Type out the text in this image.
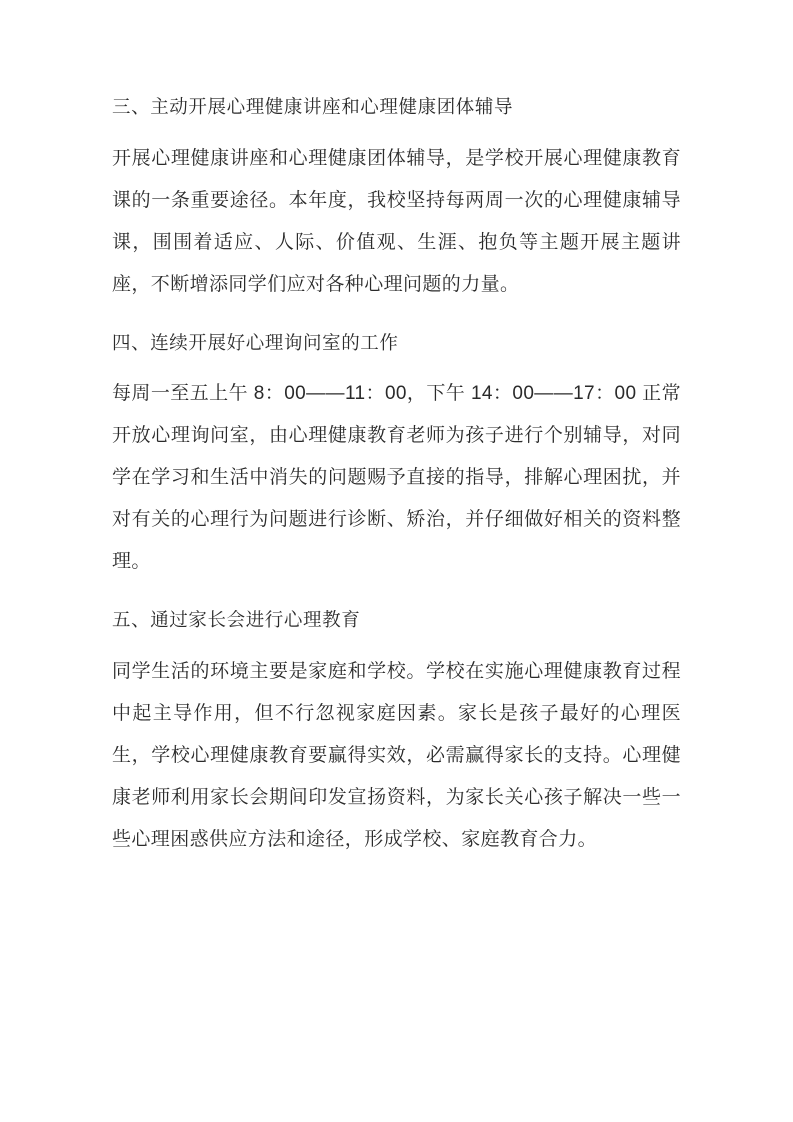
三、主动开展心理健康讲座和心理健康团体辅导

开展心理健康讲座和心理健康团体辅导，是学校开展心理健康教育课的一条重要途径。本年度，我校坚持每两周一次的心理健康辅导课，围围着适应、人际、价值观、生涯、抱负等主题开展主题讲座，不断增添同学们应对各种心理问题的力量。

四、连续开展好心理询问室的工作

每周一至五上午 8：00——11：00，下午 14：00——17：00 正常开放心理询问室，由心理健康教育老师为孩子进行个别辅导，对同学在学习和生活中消失的问题赐予直接的指导，排解心理困扰，并对有关的心理行为问题进行诊断、矫治，并仔细做好相关的资料整理。

五、通过家长会进行心理教育

同学生活的环境主要是家庭和学校。学校在实施心理健康教育过程中起主导作用，但不行忽视家庭因素。家长是孩子最好的心理医生，学校心理健康教育要赢得实效，必需赢得家长的支持。心理健康老师利用家长会期间印发宣扬资料，为家长关心孩子解决一些一些心理困惑供应方法和途径，形成学校、家庭教育合力。
